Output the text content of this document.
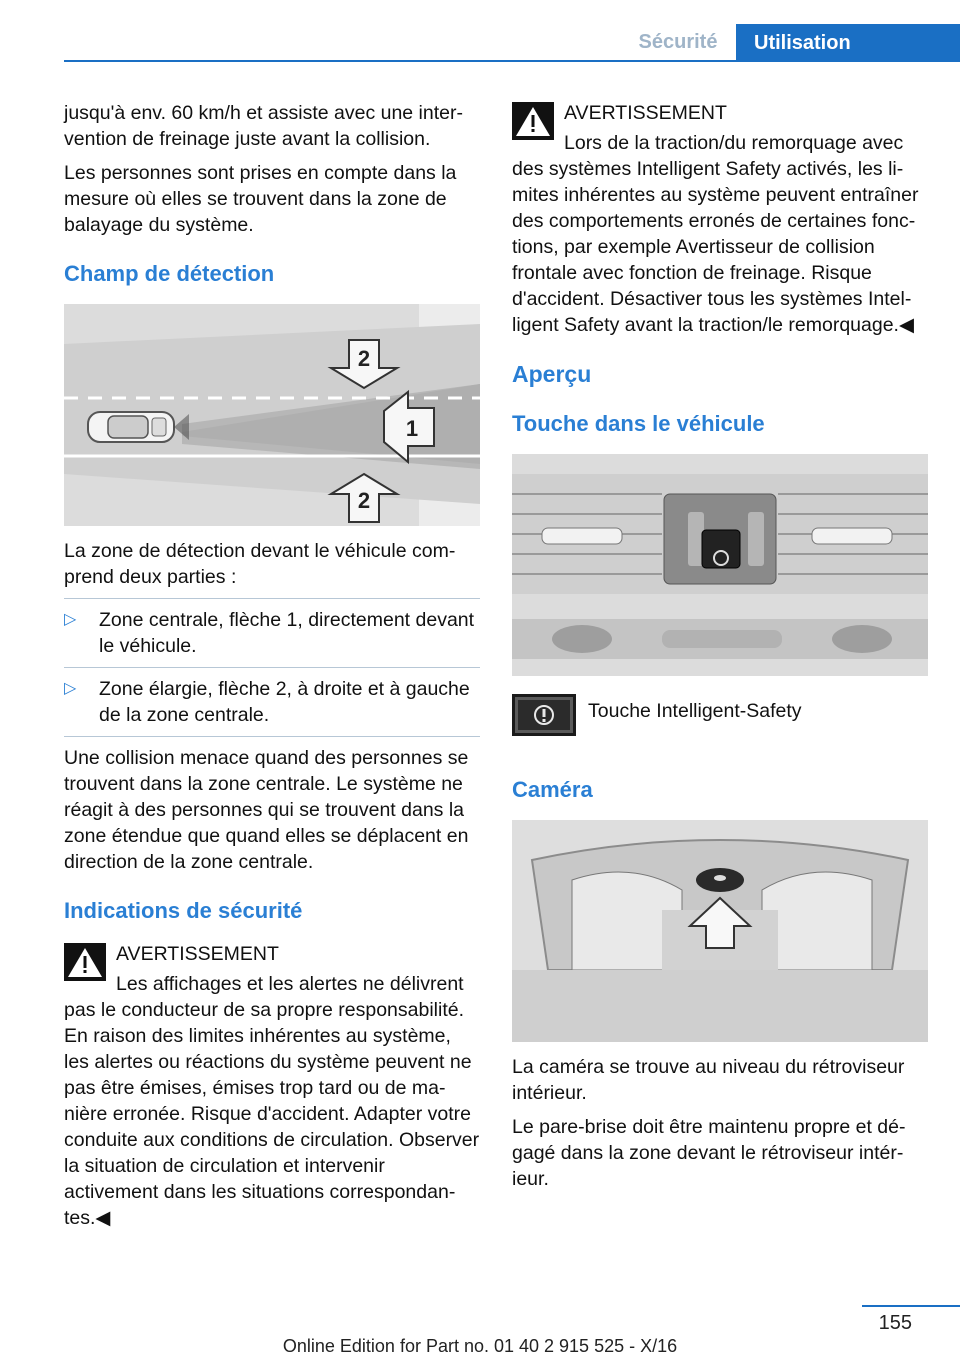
Sécurité	Utilisation

jusqu'à env. 60 km/h et assiste avec une intervention de freinage juste avant la collision.

Les personnes sont prises en compte dans la mesure où elles se trouvent dans la zone de balayage du système.

Champ de détection
2
1
2

La zone de détection devant le véhicule comprend deux parties :

▷ Zone centrale, flèche 1, directement devant le véhicule.
▷ Zone élargie, flèche 2, à droite et à gauche de la zone centrale.

Une collision menace quand des personnes se trouvent dans la zone centrale. Le système ne réagit à des personnes qui se trouvent dans la zone étendue que quand elles se déplacent en direction de la zone centrale.

Indications de sécurité
AVERTISSEMENT
Les affichages et les alertes ne délivrent
pas le conducteur de sa propre responsabilité. En raison des limites inhérentes au système, les alertes ou réactions du système peuvent ne pas être émises, émises trop tard ou de manière erronée. Risque d'accident. Adapter votre conduite aux conditions de circulation. Observer la situation de circulation et intervenir activement dans les situations correspondantes.◀
AVERTISSEMENT
Lors de la traction/du remorquage avec
des systèmes Intelligent Safety activés, les limites inhérentes au système peuvent entraîner des comportements erronés de certaines fonctions, par exemple Avertisseur de collision frontale avec fonction de freinage. Risque d'accident. Désactiver tous les systèmes Intelligent Safety avant la traction/le remorquage.◀
Aperçu
Touche dans le véhicule
Touche Intelligent-Safety
Caméra

La caméra se trouve au niveau du rétroviseur intérieur.

Le pare-brise doit être maintenu propre et dégagé dans la zone devant le rétroviseur intérieur.

155
Online Edition for Part no. 01 40 2 915 525 - X/16
